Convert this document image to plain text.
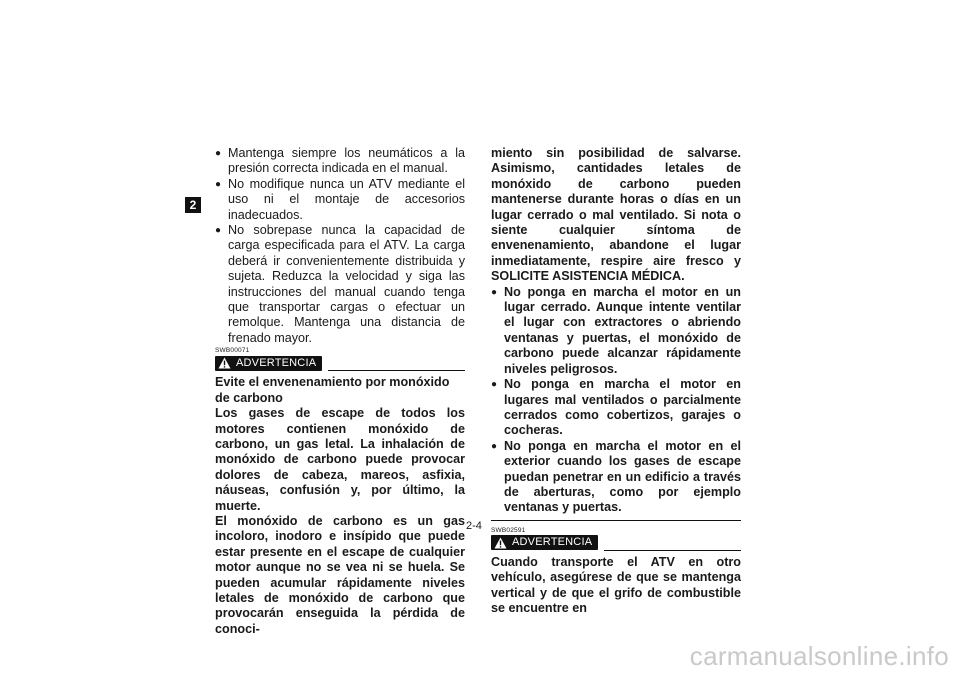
2
● Mantenga siempre los neumáticos a la presión correcta indicada en el manual.
● No modifique nunca un ATV mediante el uso ni el montaje de accesorios inadecuados.
● No sobrepase nunca la capacidad de carga especificada para el ATV. La carga deberá ir convenientemente distribuida y sujeta. Reduzca la velocidad y siga las instrucciones del manual cuando tenga que transportar cargas o efectuar un remolque. Mantenga una distancia de frenado mayor.
SWB00071
ADVERTENCIA
Evite el envenenamiento por monóxido de carbono
Los gases de escape de todos los motores contienen monóxido de carbono, un gas letal. La inhalación de monóxido de carbono puede provocar dolores de cabeza, mareos, asfixia, náuseas, confusión y, por último, la muerte.
El monóxido de carbono es un gas incoloro, inodoro e insípido que puede estar presente en el escape de cualquier motor aunque no se vea ni se huela. Se pueden acumular rápidamente niveles letales de monóxido de carbono que provocarán enseguida la pérdida de conoci-
miento sin posibilidad de salvarse. Asimismo, cantidades letales de monóxido de carbono pueden mantenerse durante horas o días en un lugar cerrado o mal ventilado. Si nota o siente cualquier síntoma de envenenamiento, abandone el lugar inmediatamente, respire aire fresco y SOLICITE ASISTENCIA MÉDICA.
● No ponga en marcha el motor en un lugar cerrado. Aunque intente ventilar el lugar con extractores o abriendo ventanas y puertas, el monóxido de carbono puede alcanzar rápidamente niveles peligrosos.
● No ponga en marcha el motor en lugares mal ventilados o parcialmente cerrados como cobertizos, garajes o cocheras.
● No ponga en marcha el motor en el exterior cuando los gases de escape puedan penetrar en un edificio a través de aberturas, como por ejemplo ventanas y puertas.
SWB02591
ADVERTENCIA
Cuando transporte el ATV en otro vehículo, asegúrese de que se mantenga vertical y de que el grifo de combustible se encuentre en
2-4
carmanualsonline.info
